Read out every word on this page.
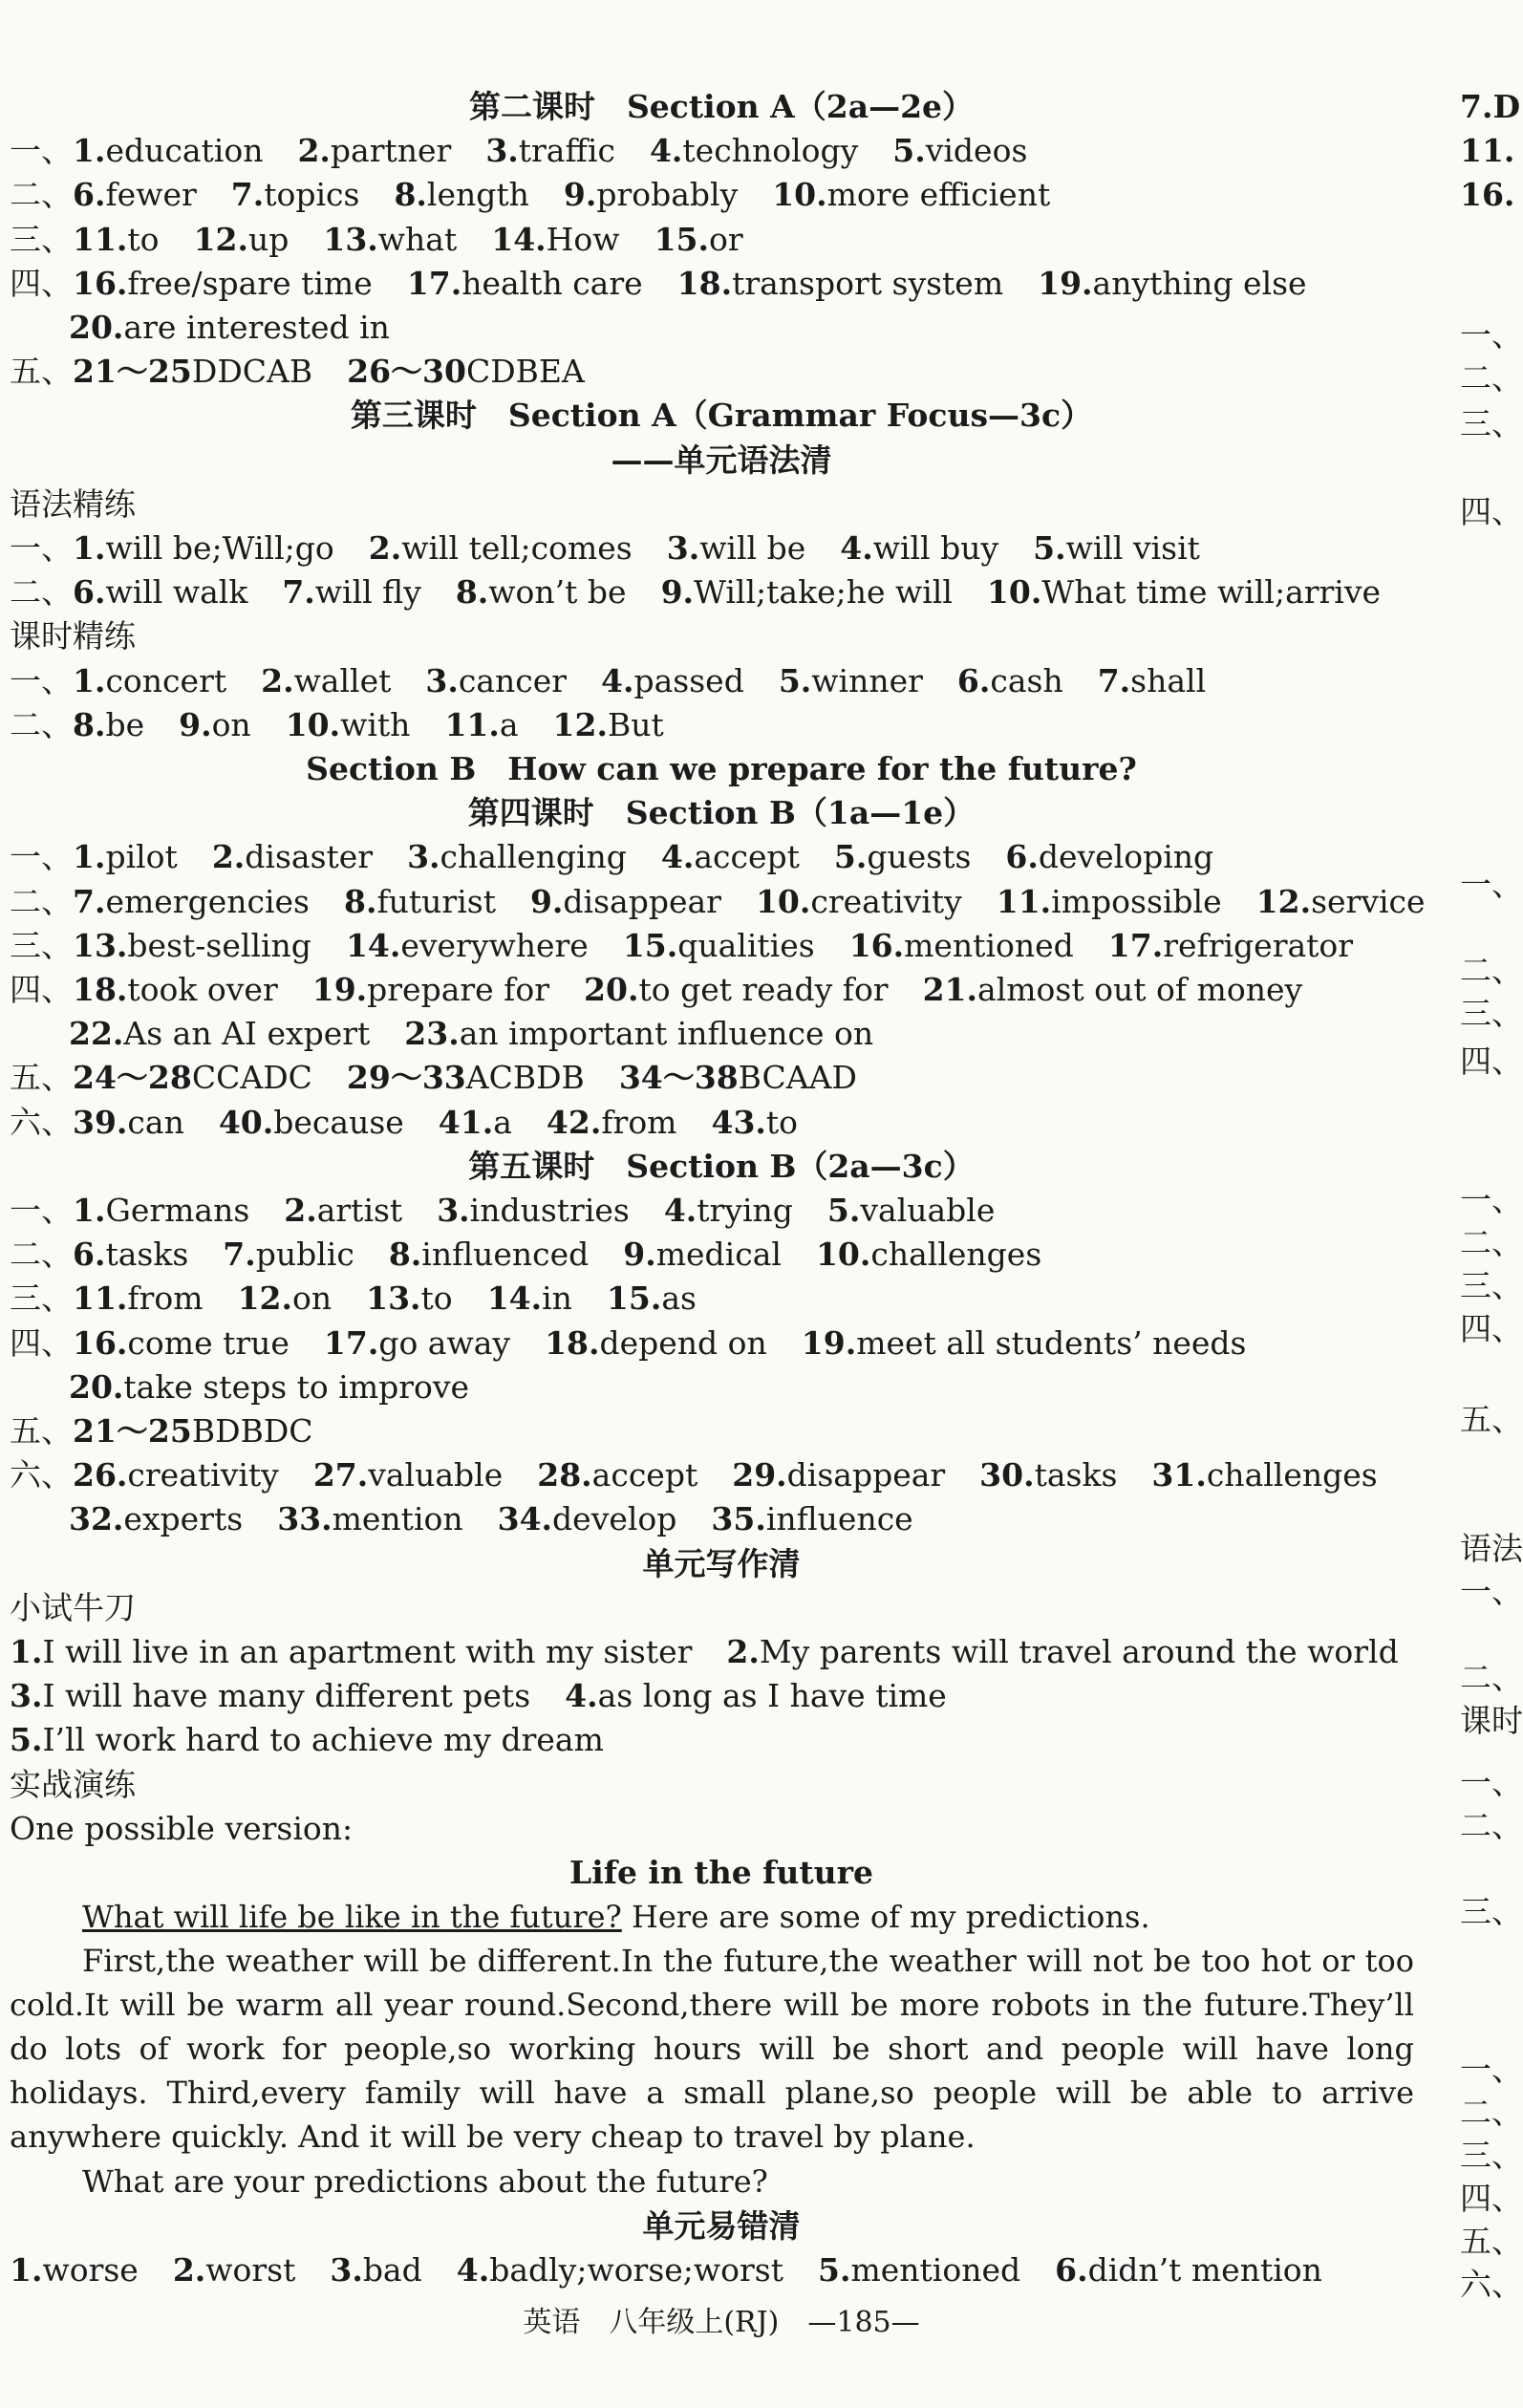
第二课时　Section A（2a—2e）
一、1.education 2.partner 3.traffic 4.technology 5.videos
二、6.fewer 7.topics 8.length 9.probably 10.more efficient
三、11.to 12.up 13.what 14.How 15.or
四、16.free/spare time 17.health care 18.transport system 19.anything else
20.are interested in
五、21～25DDCAB 26～30CDBEA
第三课时　Section A（Grammar Focus—3c）
——单元语法清
语法精练
一、1.will be;Will;go 2.will tell;comes 3.will be 4.will buy 5.will visit
二、6.will walk 7.will fly 8.won’t be 9.Will;take;he will 10.What time will;arrive
课时精练
一、1.concert 2.wallet 3.cancer 4.passed 5.winner 6.cash 7.shall
二、8.be 9.on 10.with 11.a 12.But
Section B　How can we prepare for the future?
第四课时　Section B（1a—1e）
一、1.pilot 2.disaster 3.challenging 4.accept 5.guests 6.developing
二、7.emergencies 8.futurist 9.disappear 10.creativity 11.impossible 12.service
三、13.best-selling 14.everywhere 15.qualities 16.mentioned 17.refrigerator
四、18.took over 19.prepare for 20.to get ready for 21.almost out of money
22.As an AI expert 23.an important influence on
五、24～28CCADC 29～33ACBDB 34～38BCAAD
六、39.can 40.because 41.a 42.from 43.to
第五课时　Section B（2a—3c）
一、1.Germans 2.artist 3.industries 4.trying 5.valuable
二、6.tasks 7.public 8.influenced 9.medical 10.challenges
三、11.from 12.on 13.to 14.in 15.as
四、16.come true 17.go away 18.depend on 19.meet all students’ needs
20.take steps to improve
五、21～25BDBDC
六、26.creativity 27.valuable 28.accept 29.disappear 30.tasks 31.challenges
32.experts 33.mention 34.develop 35.influence
单元写作清
小试牛刀
1.I will live in an apartment with my sister 2.My parents will travel around the world
3.I will have many different pets 4.as long as I have time
5.I’ll work hard to achieve my dream
实战演练
One possible version:
Life in the future
What will life be like in the future? Here are some of my predictions.
First,the weather will be different.In the future,the weather will not be too hot or too cold.It will be warm all year round.Second,there will be more robots in the future.They’ll do lots of work for people,so working hours will be short and people will have long holidays. Third,every family will have a small plane,so people will be able to arrive anywhere quickly. And it will be very cheap to travel by plane.
What are your predictions about the future?
单元易错清
1.worse 2.worst 3.bad 4.badly;worse;worst 5.mentioned 6.didn’t mention
7.D
11.
16.
一、
二、
三、
四、
一、
二、
三、
四、
一、
二、
三、
四、
五、
语法
一、
二、
课时
一、
二、
三、
一、
二、
三、
四、
五、
六、
英语　八年级上(RJ)　—185—
